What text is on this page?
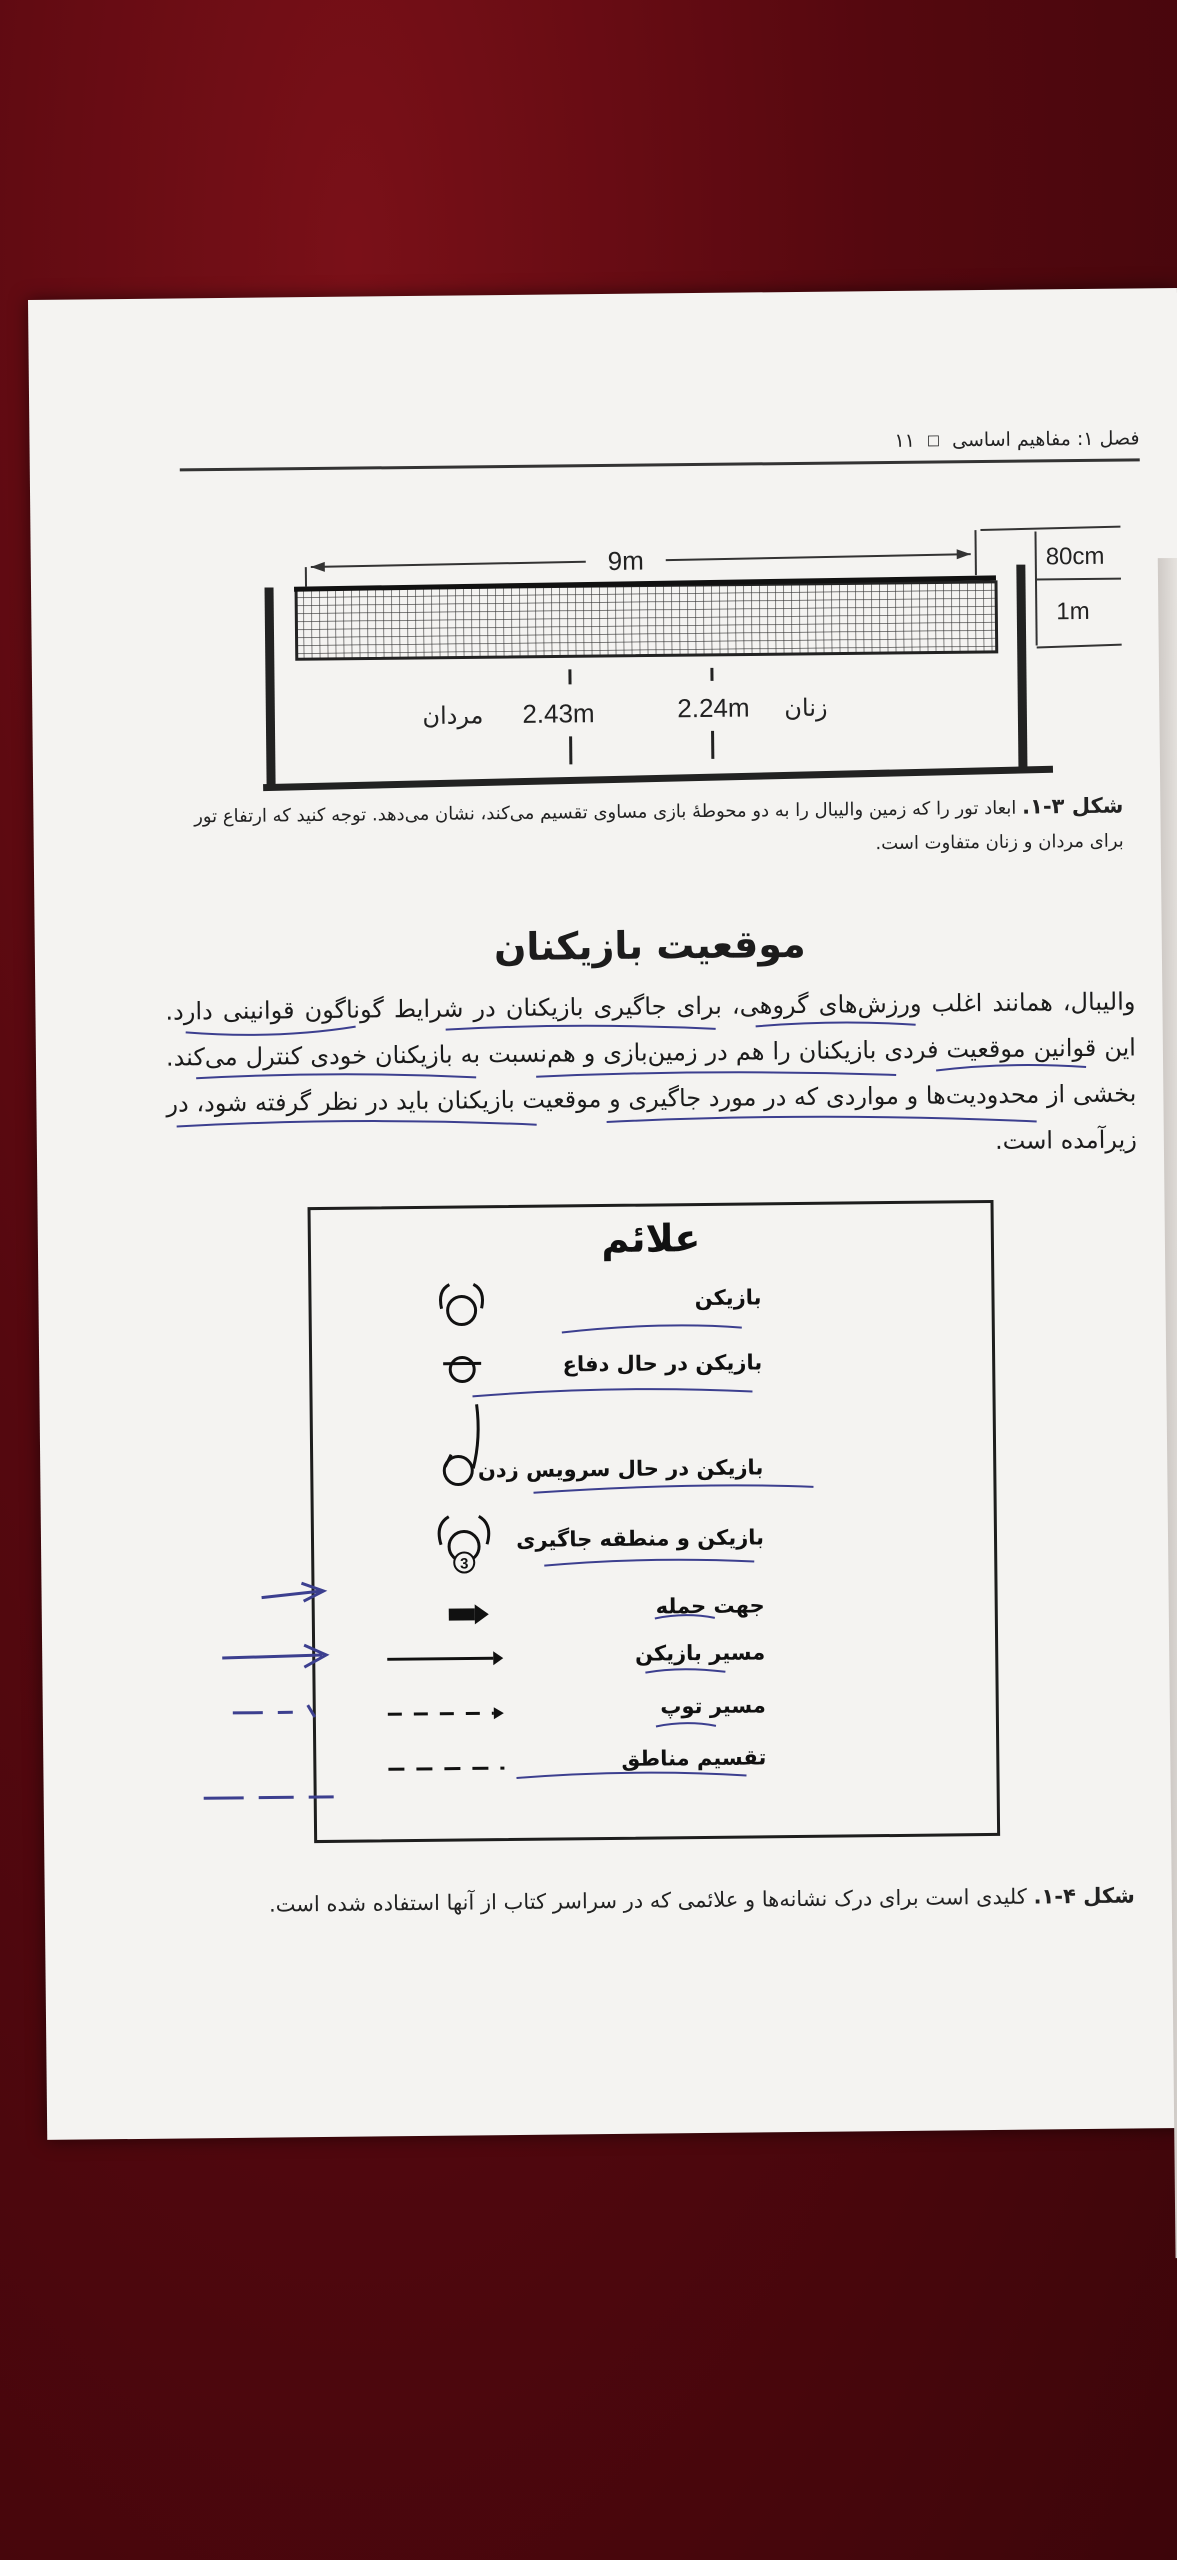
فصل ۱: مفاهیم اساسی
□
۱۱
9m	80cm
1m
2.43m
مردان	2.24m زنان
شکل ۳-۱. ابعاد تور را که زمین والیبال را به دو محوطهٔ بازی مساوی تقسیم می‌کند، نشان می‌دهد. توجه کنید که ارتفاع تور برای مردان و زنان متفاوت است.
موقعیت بازیکنان
والیبال، همانند اغلب ورزش‌های گروهی، برای جاگیری بازیکنان در شرایط گوناگون قوانینی دارد. این قوانین موقعیت فردی بازیکنان را هم در زمین‌بازی و هم‌نسبت به بازیکنان خودی کنترل می‌کند. بخشی از محدودیت‌ها و مواردی که در مورد جاگیری و موقعیت بازیکنان باید در نظر گرفته شود، در زیرآمده است.
علائم
بازیکن
بازیکن در حال دفاع
بازیکن در حال سرویس زدن
3
بازیکن و منطقه جاگیری
جهت حمله
مسیر بازیکن
مسیر توپ
تقسیم مناطق
شکل ۴-۱. کلیدی است برای درک نشانه‌ها و علائمی که در سراسر کتاب از آنها استفاده شده است.
